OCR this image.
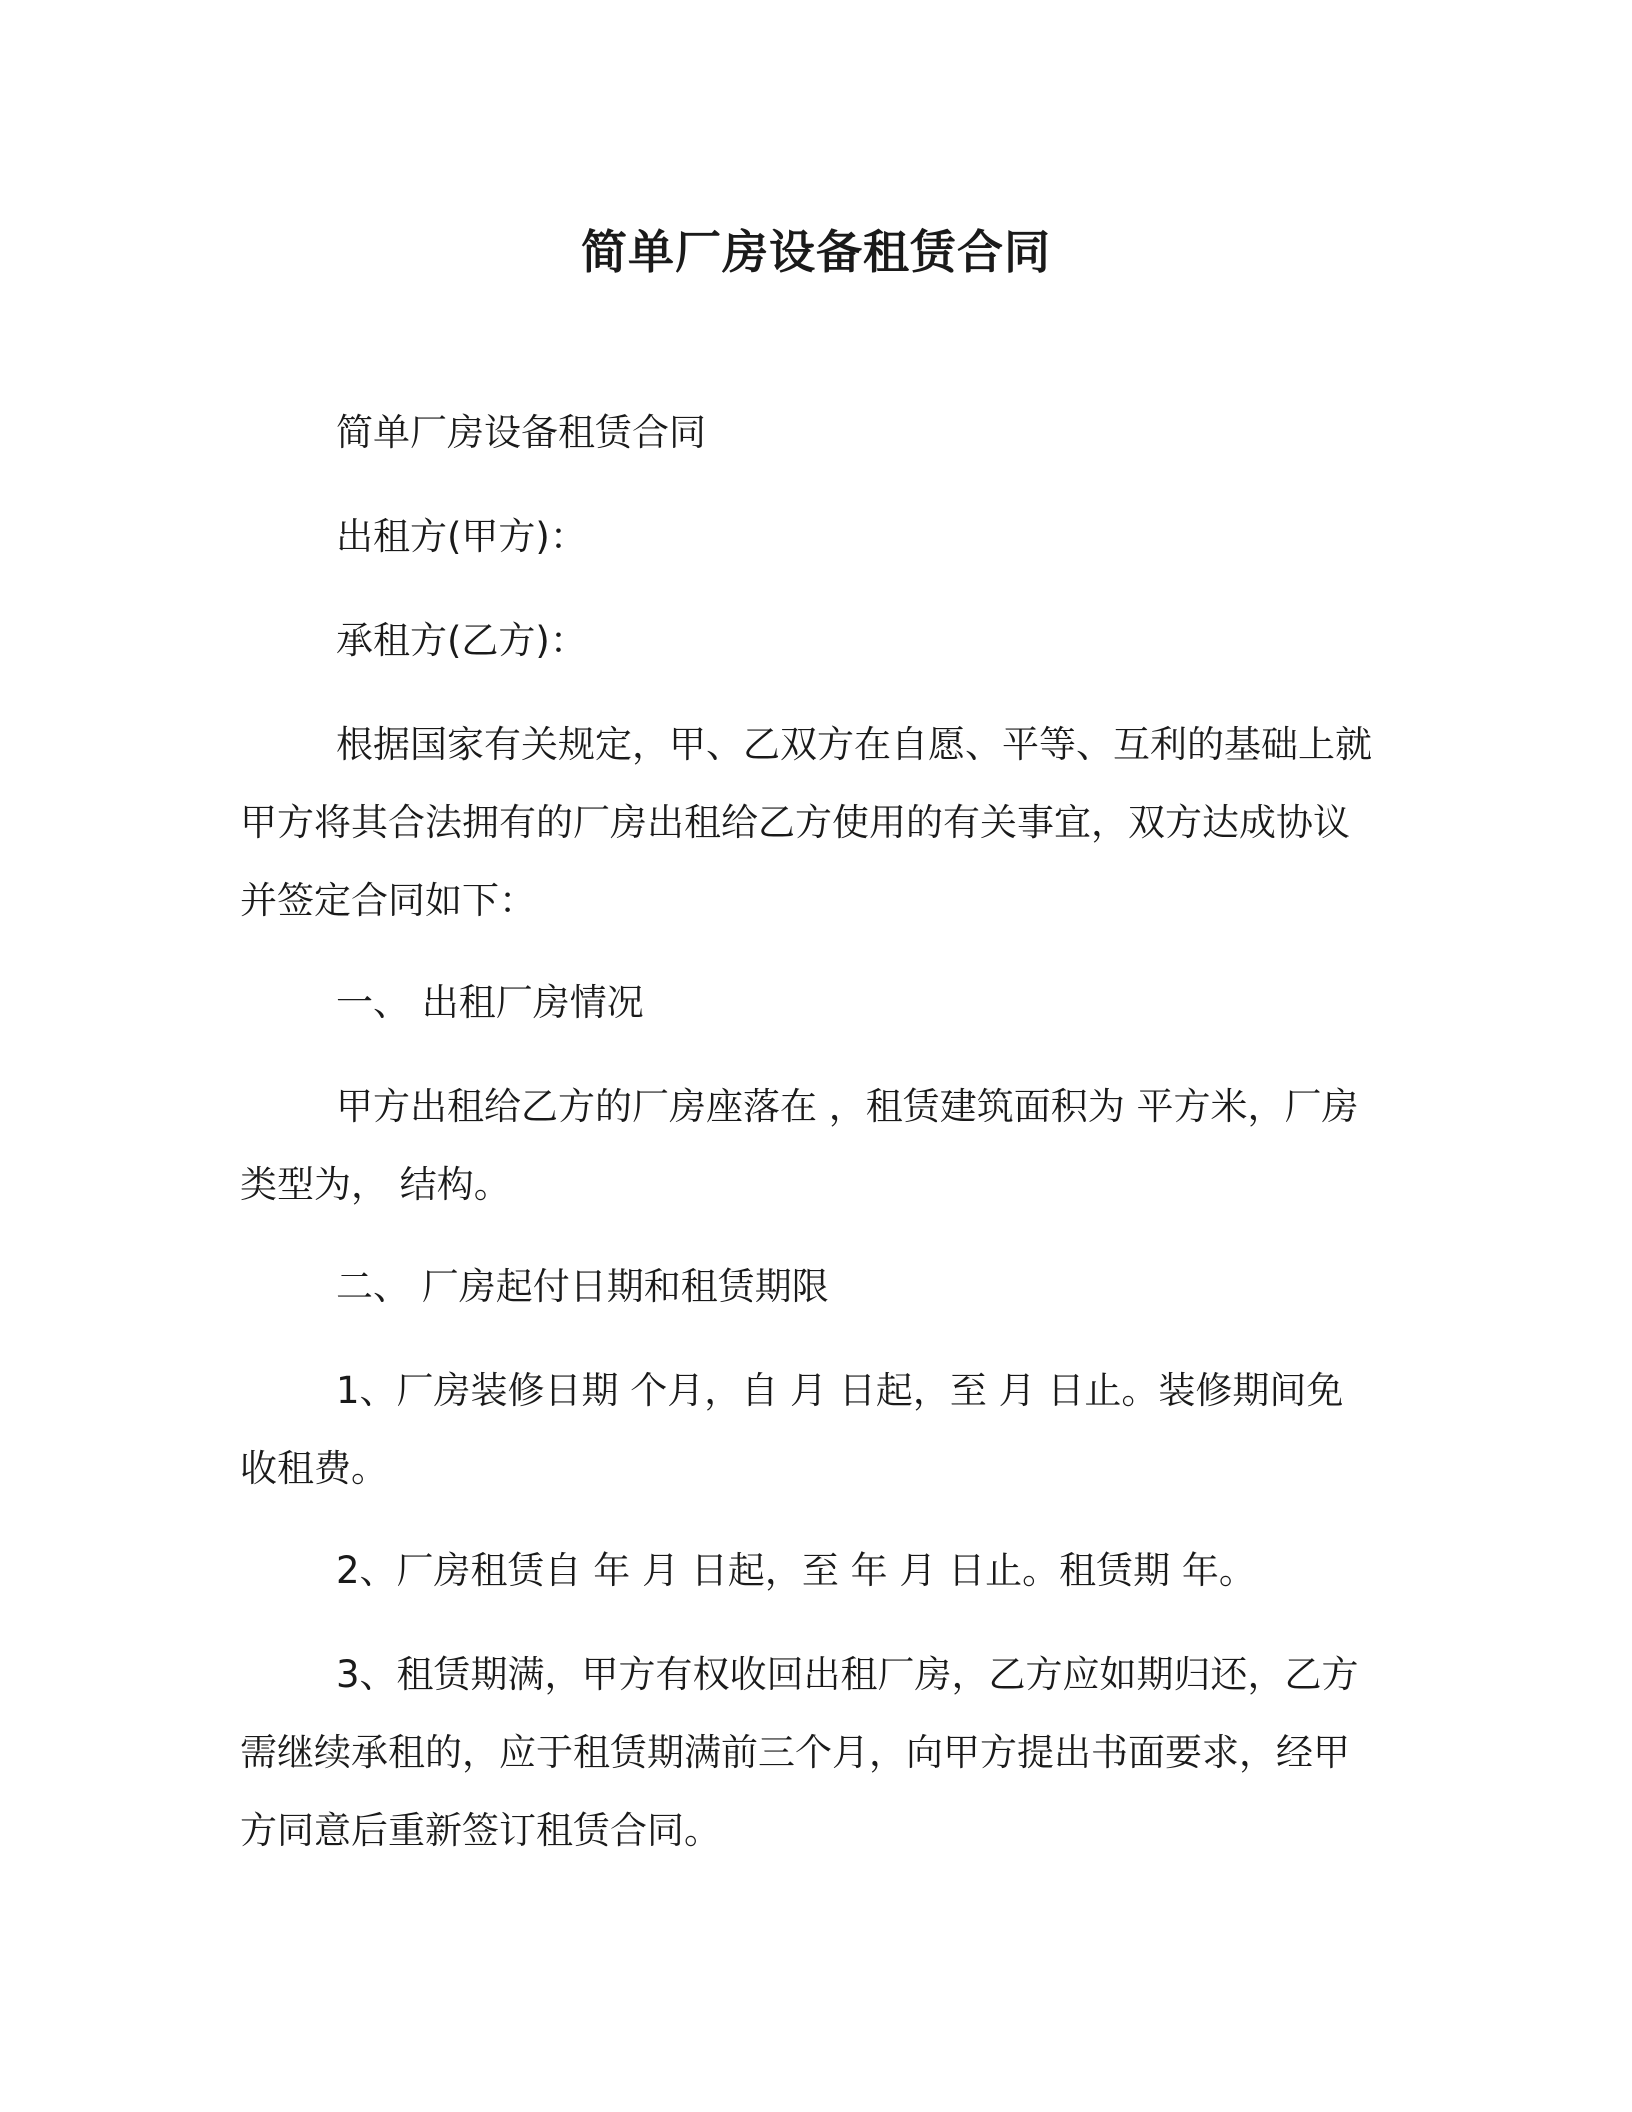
简单厂房设备租赁合同

简单厂房设备租赁合同

出租方(甲方)：

承租方(乙方)：

根据国家有关规定，甲、乙双方在自愿、平等、互利的基础上就甲方将其合法拥有的厂房出租给乙方使用的有关事宜，双方达成协议并签定合同如下：

一、 出租厂房情况

甲方出租给乙方的厂房座落在 ，租赁建筑面积为 平方米，厂房类型为， 结构。

二、 厂房起付日期和租赁期限

1、厂房装修日期 个月，自 月 日起，至 月 日止。装修期间免收租费。

2、厂房租赁自 年 月 日起，至 年 月 日止。租赁期 年。

3、租赁期满，甲方有权收回出租厂房，乙方应如期归还，乙方需继续承租的，应于租赁期满前三个月，向甲方提出书面要求，经甲方同意后重新签订租赁合同。
